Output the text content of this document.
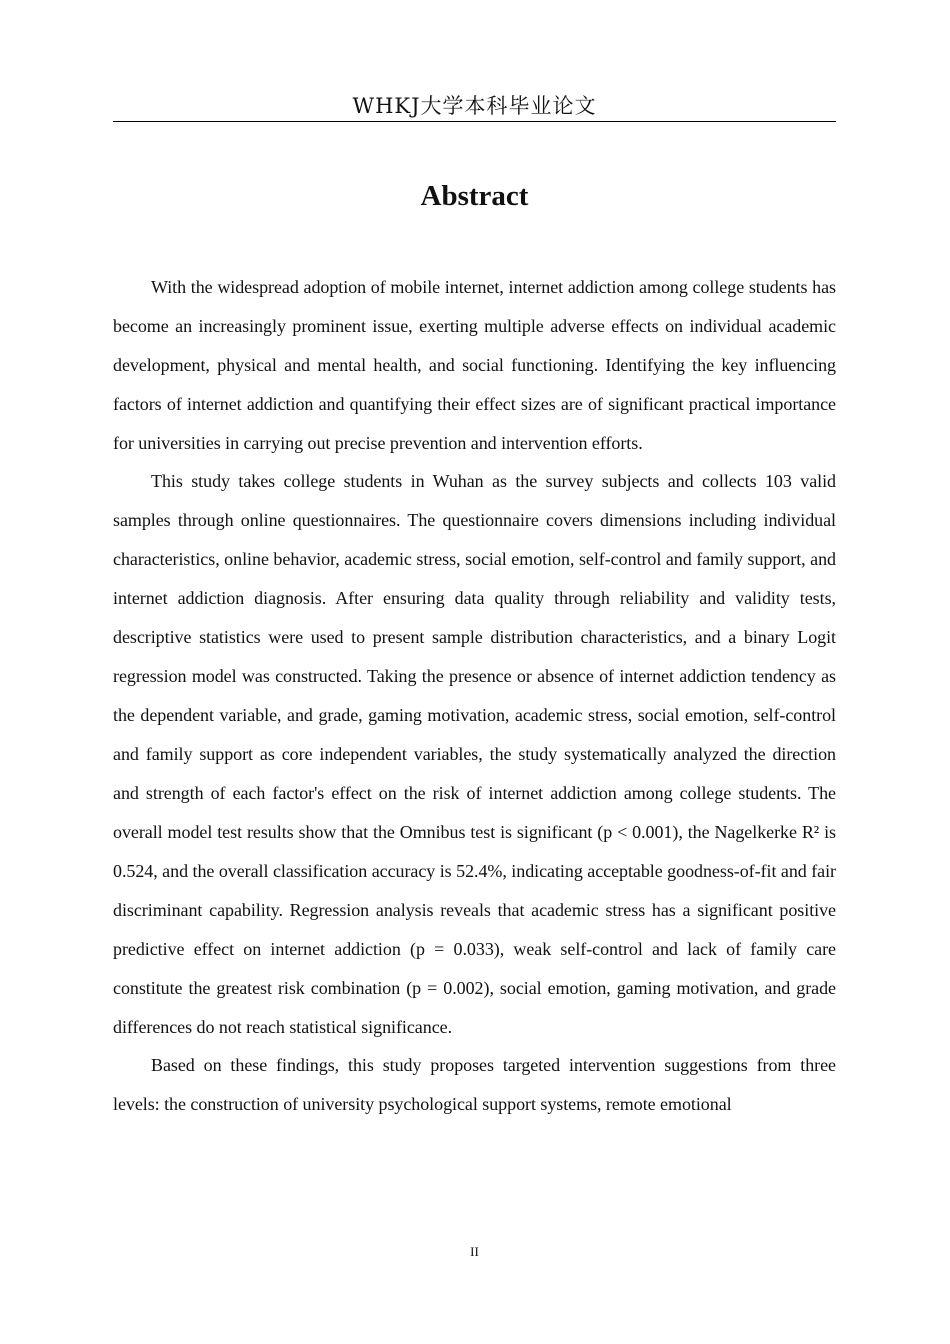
WHKJ大学本科毕业论文
Abstract

With the widespread adoption of mobile internet, internet addiction among college students has become an increasingly prominent issue, exerting multiple adverse effects on individual academic development, physical and mental health, and social functioning. Identifying the key influencing factors of internet addiction and quantifying their effect sizes are of significant practical importance for universities in carrying out precise prevention and intervention efforts.

This study takes college students in Wuhan as the survey subjects and collects 103 valid samples through online questionnaires. The questionnaire covers dimensions including individual characteristics, online behavior, academic stress, social emotion, self-control and family support, and internet addiction diagnosis. After ensuring data quality through reliability and validity tests, descriptive statistics were used to present sample distribution characteristics, and a binary Logit regression model was constructed. Taking the presence or absence of internet addiction tendency as the dependent variable, and grade, gaming motivation, academic stress, social emotion, self-control and family support as core independent variables, the study systematically analyzed the direction and strength of each factor's effect on the risk of internet addiction among college students. The overall model test results show that the Omnibus test is significant (p < 0.001), the Nagelkerke R² is 0.524, and the overall classification accuracy is 52.4%, indicating acceptable goodness-of-fit and fair discriminant capability. Regression analysis reveals that academic stress has a significant positive predictive effect on internet addiction (p = 0.033), weak self-control and lack of family care constitute the greatest risk combination (p = 0.002), social emotion, gaming motivation, and grade differences do not reach statistical significance.

Based on these findings, this study proposes targeted intervention suggestions from three levels: the construction of university psychological support systems, remote emotional

II
